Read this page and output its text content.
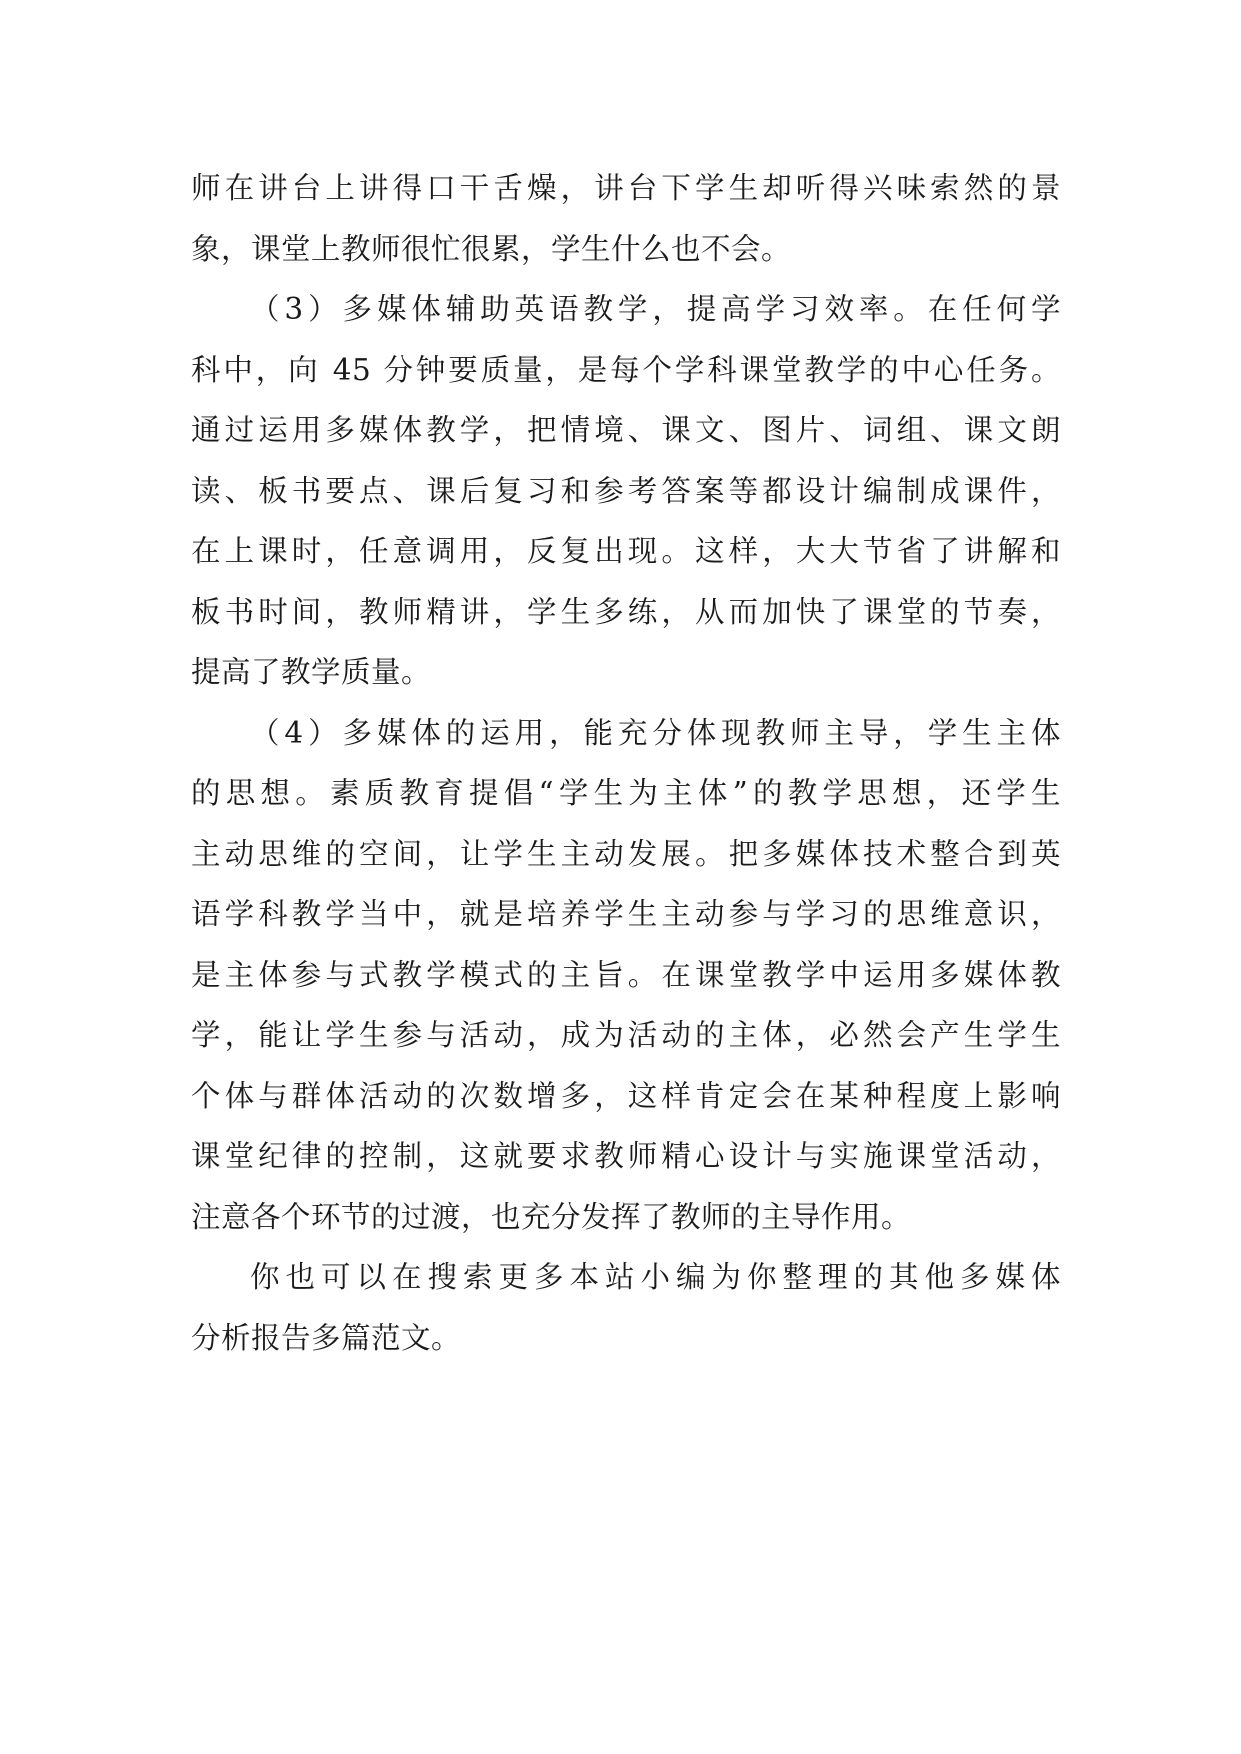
师在讲台上讲得口干舌燥，讲台下学生却听得兴味索然的景
象，课堂上教师很忙很累，学生什么也不会。
（3）多媒体辅助英语教学，提高学习效率。在任何学
科中，向 45 分钟要质量，是每个学科课堂教学的中心任务。
通过运用多媒体教学，把情境、课文、图片、词组、课文朗
读、板书要点、课后复习和参考答案等都设计编制成课件，
在上课时，任意调用，反复出现。这样，大大节省了讲解和
板书时间，教师精讲，学生多练，从而加快了课堂的节奏，
提高了教学质量。
（4）多媒体的运用，能充分体现教师主导，学生主体
的思想。素质教育提倡“学生为主体”的教学思想，还学生
主动思维的空间，让学生主动发展。把多媒体技术整合到英
语学科教学当中，就是培养学生主动参与学习的思维意识，
是主体参与式教学模式的主旨。在课堂教学中运用多媒体教
学，能让学生参与活动，成为活动的主体，必然会产生学生
个体与群体活动的次数增多，这样肯定会在某种程度上影响
课堂纪律的控制，这就要求教师精心设计与实施课堂活动，
注意各个环节的过渡，也充分发挥了教师的主导作用。
你也可以在搜索更多本站小编为你整理的其他多媒体
分析报告多篇范文。
